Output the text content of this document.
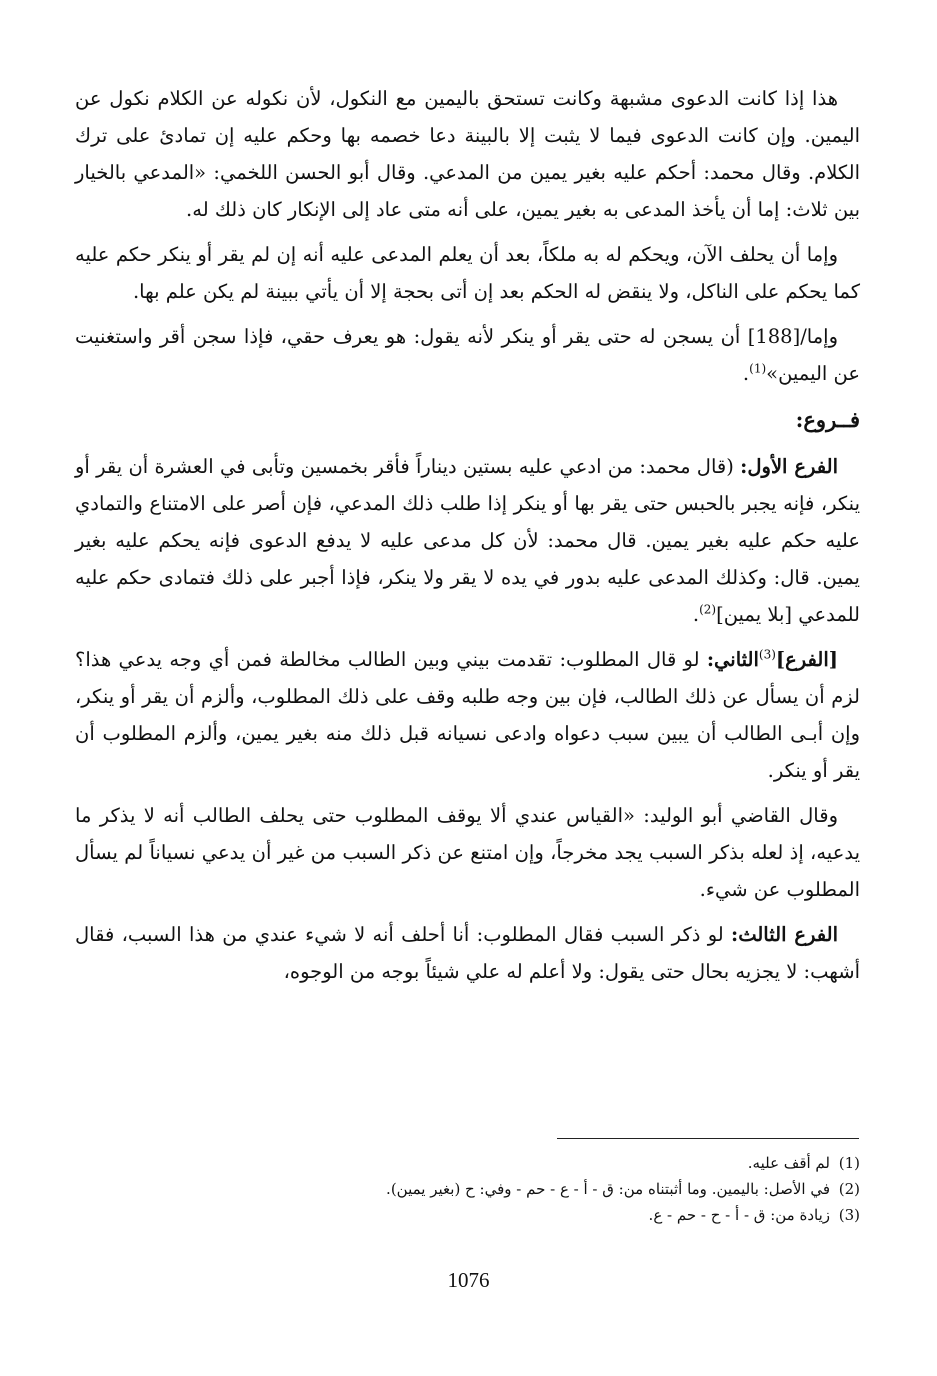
هذا إذا كانت الدعوى مشبهة وكانت تستحق باليمين مع النكول، لأن نكوله عن الكلام نكول عن اليمين. وإن كانت الدعوى فيما لا يثبت إلا بالبينة دعا خصمه بها وحكم عليه إن تمادئ على ترك الكلام. وقال محمد: أحكم عليه بغير يمين من المدعي. وقال أبو الحسن اللخمي: «المدعي بالخيار بين ثلاث: إما أن يأخذ المدعى به بغير يمين، على أنه متى عاد إلى الإنكار كان ذلك له.

وإما أن يحلف الآن، ويحكم له به ملكاً، بعد أن يعلم المدعى عليه أنه إن لم يقر أو ينكر حكم عليه كما يحكم على الناكل، ولا ينقض له الحكم بعد إن أتى بحجة إلا أن يأتي ببينة لم يكن علم بها.

وإما/[188] أن يسجن له حتى يقر أو ينكر لأنه يقول: هو يعرف حقي، فإذا سجن أقر واستغنيت عن اليمين»$^{(1)}$.

فــروع:

الفرع الأول: (قال محمد: من ادعي عليه بستين ديناراً فأقر بخمسين وتأبى في العشرة أن يقر أو ينكر، فإنه يجبر بالحبس حتى يقر بها أو ينكر إذا طلب ذلك المدعي، فإن أصر على الامتناع والتمادي عليه حكم عليه بغير يمين. قال محمد: لأن كل مدعى عليه لا يدفع الدعوى فإنه يحكم عليه بغير يمين. قال: وكذلك المدعى عليه بدور في يده لا يقر ولا ينكر، فإذا أجبر على ذلك فتمادى حكم عليه للمدعي [بلا يمين]$^{(2)}$.

[الفرع]$^{(3)}$الثاني: لو قال المطلوب: تقدمت بيني وبين الطالب مخالطة فمن أي وجه يدعي هذا؟ لزم أن يسأل عن ذلك الطالب، فإن بين وجه طلبه وقف على ذلك المطلوب، وألزم أن يقر أو ينكر، وإن أبـى الطالب أن يبين سبب دعواه وادعى نسيانه قبل ذلك منه بغير يمين، وألزم المطلوب أن يقر أو ينكر.

وقال القاضي أبو الوليد: «القياس عندي ألا يوقف المطلوب حتى يحلف الطالب أنه لا يذكر ما يدعيه، إذ لعله بذكر السبب يجد مخرجاً، وإن امتنع عن ذكر السبب من غير أن يدعي نسياناً لم يسأل المطلوب عن شيء.

الفرع الثالث: لو ذكر السبب فقال المطلوب: أنا أحلف أنه لا شيء عندي من هذا السبب، فقال أشهب: لا يجزيه بحال حتى يقول: ولا أعلم له علي شيئاً بوجه من الوجوه،

(1)لم أقف عليه.
(2)في الأصل: باليمين. وما أثبتناه من: ق - أ - ع - حم - وفي: ح (بغير يمين).
(3)زيادة من: ق - أ - ح - حم - ع.
1076
